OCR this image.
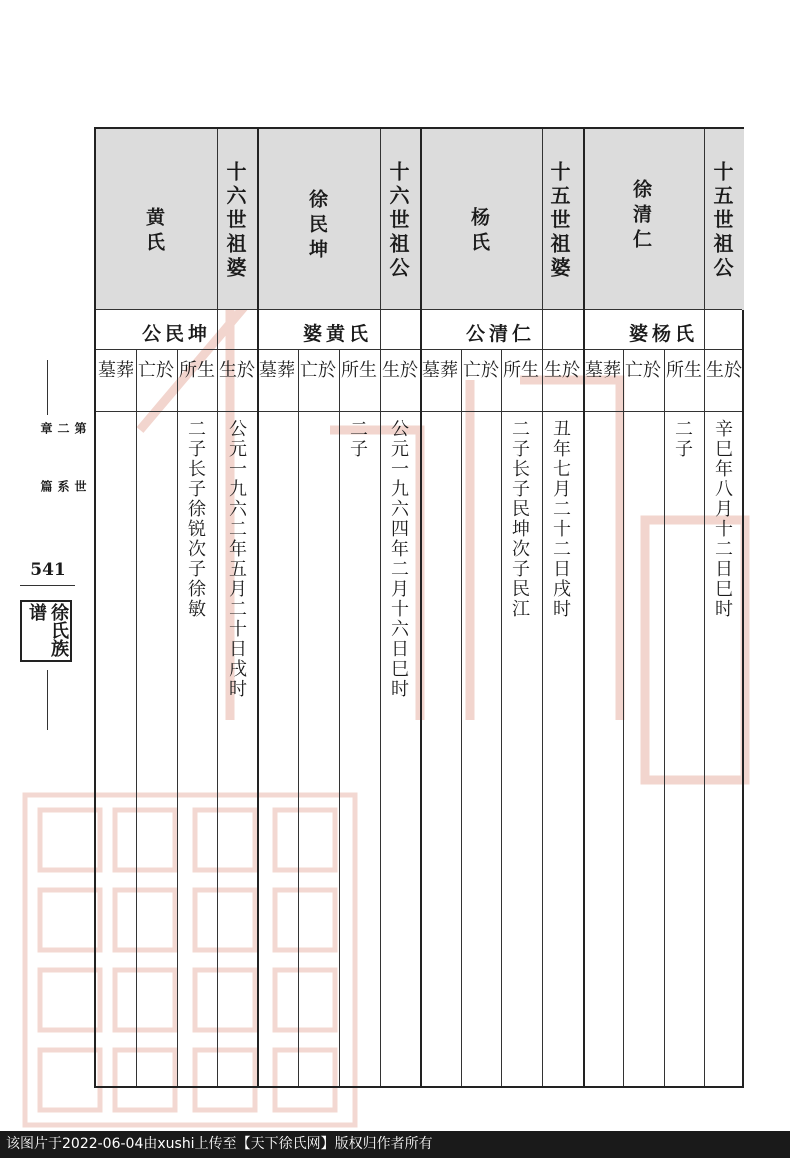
第二章
世系篇
541
徐氏族谱
十五世祖公
徐清仁
氏杨婆
生於
所生
亡於
墓葬
辛巳年八月十二日巳时
二子
十五世祖婆
杨氏
仁清公
生於
所生
亡於
墓葬
丑年七月二十二日戌时
二子长子民坤次子民江
十六世祖公
徐民坤
氏黄婆
生於
所生
亡於
墓葬
公元一九六四年二月十六日巳时
二子
十六世祖婆
黄氏
坤民公
生於
所生
亡於
墓葬
公元一九六二年五月二十日戌时
二子长子徐锐次子徐敏
该图片于2022-06-04由xushi上传至【天下徐氏网】版权归作者所有
